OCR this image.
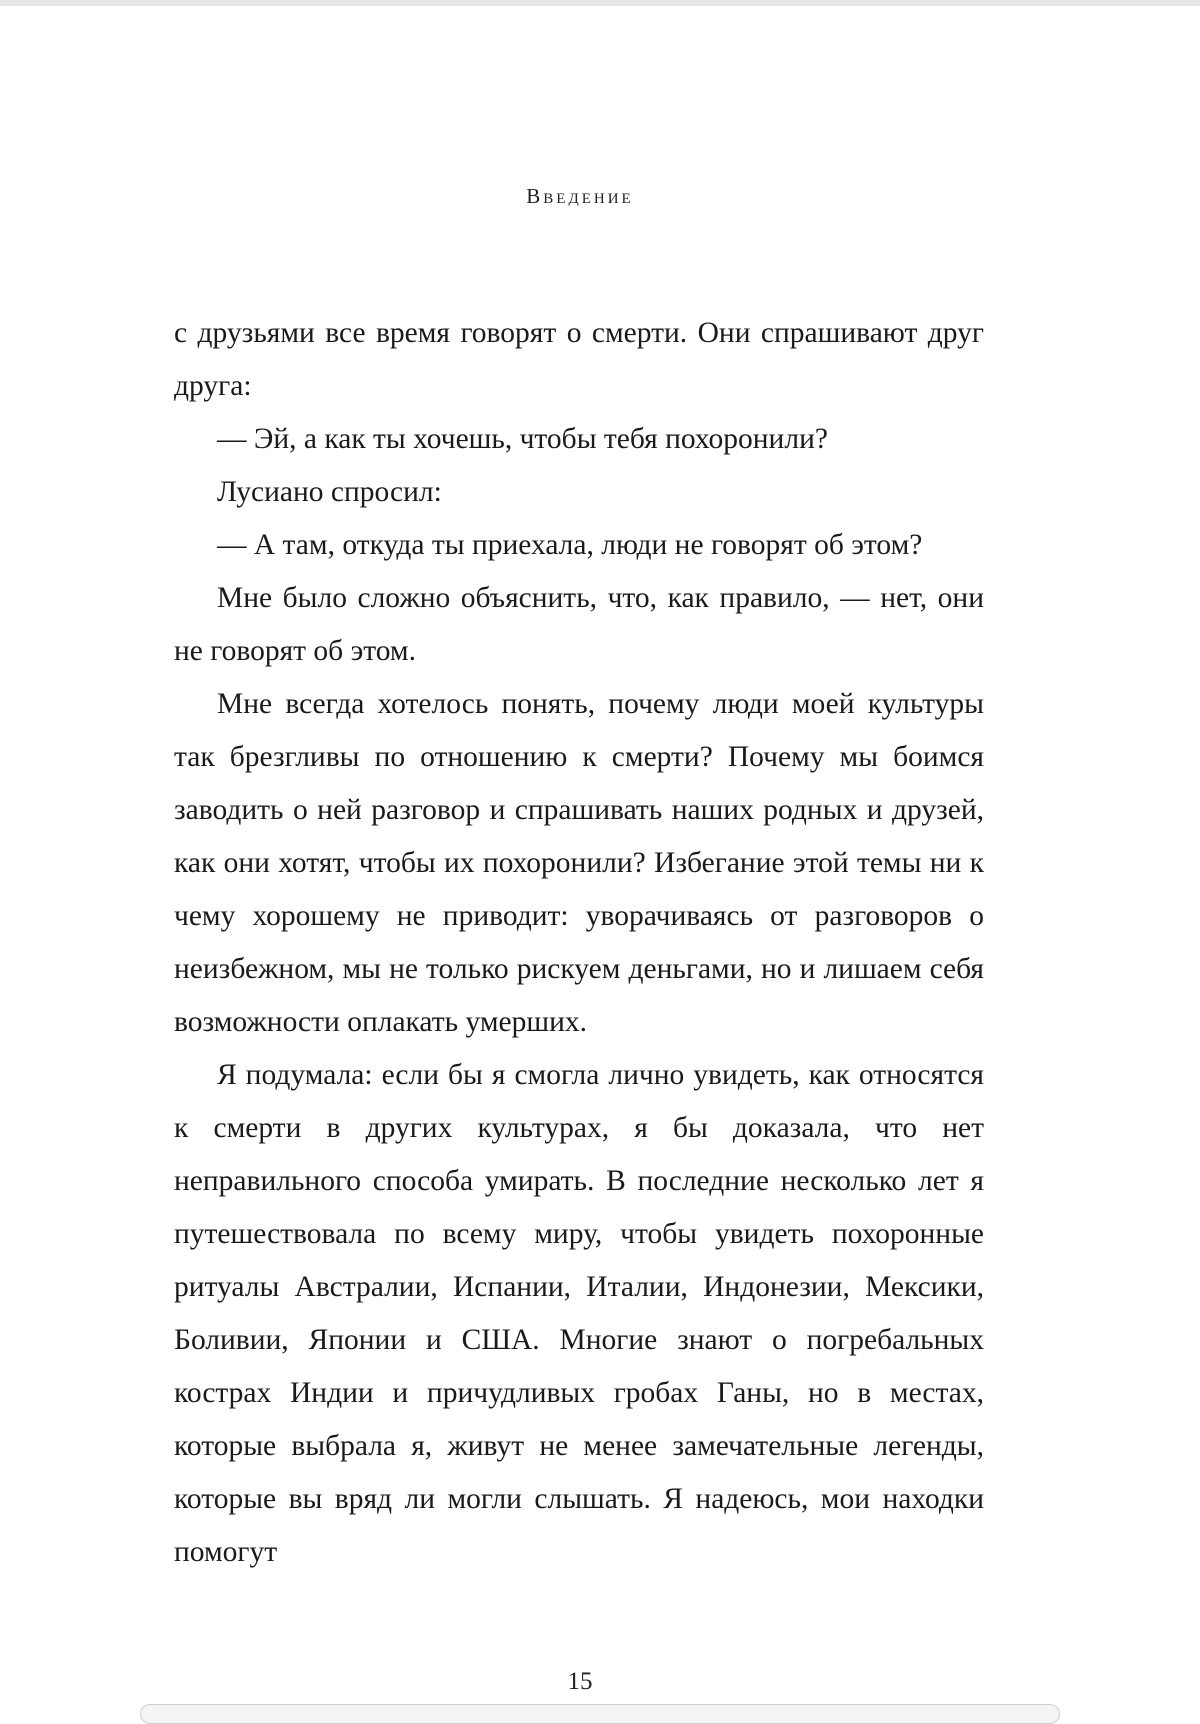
Введение

с друзьями все время говорят о смерти. Они спрашивают друг друга:

— Эй, а как ты хочешь, чтобы тебя похоронили?

Лусиано спросил:

— А там, откуда ты приехала, люди не говорят об этом?

Мне было сложно объяснить, что, как правило, — нет, они не говорят об этом.

Мне всегда хотелось понять, почему люди моей культуры так брезгливы по отношению к смерти? Почему мы боимся заводить о ней разговор и спрашивать наших родных и друзей, как они хотят, чтобы их похоронили? Избегание этой темы ни к чему хорошему не приводит: уворачиваясь от разговоров о неизбежном, мы не только рискуем деньгами, но и лишаем себя возможности оплакать умерших.

Я подумала: если бы я смогла лично увидеть, как относятся к смерти в других культурах, я бы доказала, что нет неправильного способа умирать. В последние несколько лет я путешествовала по всему миру, чтобы увидеть похоронные ритуалы Австралии, Испании, Италии, Индонезии, Мексики, Боливии, Японии и США. Многие знают о погребальных кострах Индии и причудливых гробах Ганы, но в местах, которые выбрала я, живут не менее замечательные легенды, которые вы вряд ли могли слышать. Я надеюсь, мои находки помогут

15
